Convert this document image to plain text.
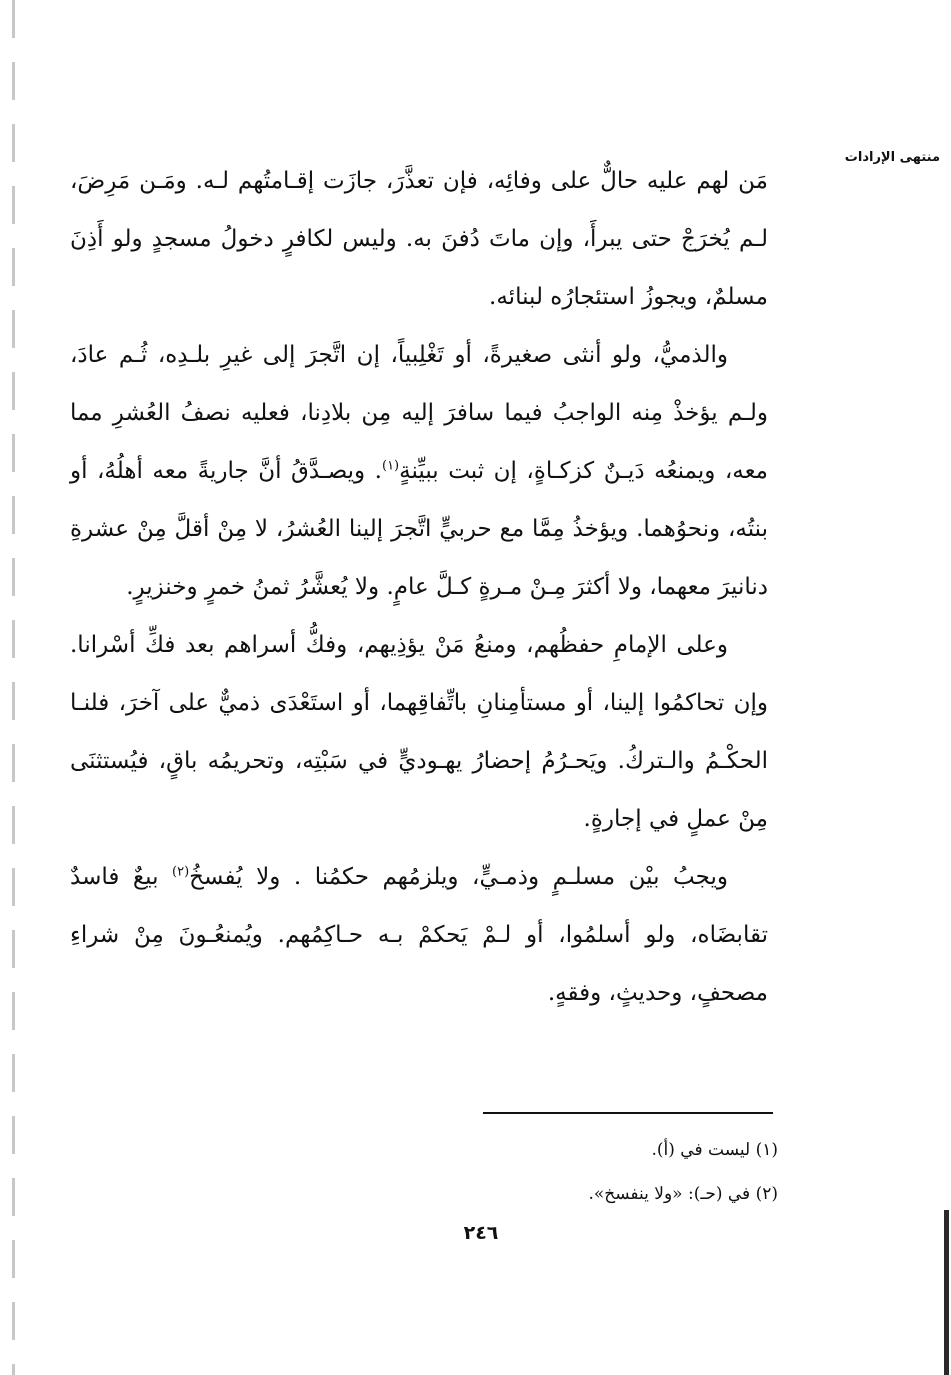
منتهى الإرادات

مَن لهم عليه حالٌّ على وفائِه، فإن تعذَّرَ، جازَت إقـامتُهم لـه. ومَـن مَرِضَ، لـم يُخرَجْ حتى يبرأَ، وإن ماتَ دُفنَ به. وليس لكافرٍ دخولُ مسجدٍ ولو أَذِنَ مسلمٌ، ويجوزُ استئجارُه لبنائه.

والذميُّ، ولو أنثى صغيرةً، أو تَغْلِبياً، إن اتَّجرَ إلى غيرِ بلـدِه، ثُـم عادَ، ولـم يؤخذْ مِنه الواجبُ فيما سافرَ إليه مِن بلادِنا، فعليه نصفُ العُشرِ مما معه، ويمنعُه دَيـنٌ كزكـاةٍ، إن ثبت ببيِّنةٍ$^{(١)}$. ويصـدَّقُ أنَّ جاريةً معه أهلُهُ، أو بنتُه، ونحوُهما. ويؤخذُ مِمَّا مع حربيٍّ اتَّجرَ إلينا العُشرُ، لا مِنْ أقلَّ مِنْ عشرةِ دنانيرَ معهما، ولا أكثرَ مِـنْ مـرةٍ كـلَّ عامٍ. ولا يُعشَّرُ ثمنُ خمرٍ وخنزيرٍ.

وعلى الإمامِ حفظُهم، ومنعُ مَنْ يؤذِيهم، وفكُّ أسراهم بعد فكِّ أسْرانا. وإن تحاكمُوا إلينا، أو مستأمِنانِ باتِّفاقِهما، أو استَعْدَى ذميٌّ على آخرَ، فلنـا الحكْـمُ والـتركُ. ويَحـرُمُ إحضارُ يهـوديٍّ في سَبْتِه، وتحريمُه باقٍ، فيُستثنَى مِنْ عملٍ في إجارةٍ.

ويجبُ بيْن مسلـمٍ وذمـيٍّ، ويلزمُهم حكمُنا . ولا يُفسخُ$^{(٢)}$ بيعٌ فاسدٌ تقابضَاه، ولو أسلمُوا، أو لـمْ يَحكمْ بـه حـاكِمُهم. ويُمنعُـونَ مِنْ شراءِ مصحفٍ، وحديثٍ، وفقهٍ.

(١) ليست في (أ).
(٢) في (حـ): «ولا ينفسخ».
٢٤٦
